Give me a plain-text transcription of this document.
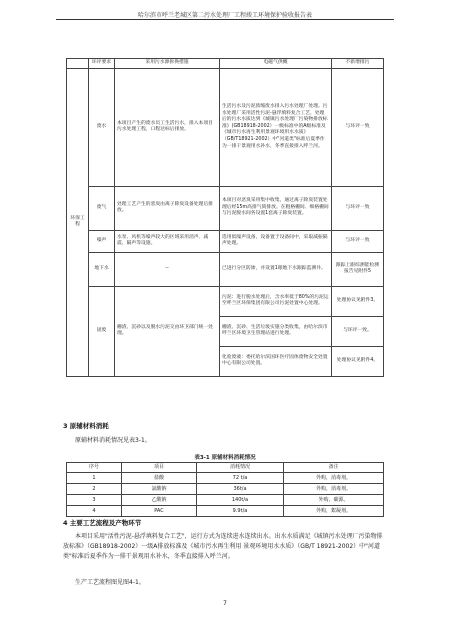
哈尔滨市呼兰老城区第二污水处理厂工程竣工环境保护验收报告表
	环评要求	采用污水源拆换措施	电磁气供概	不新增排污
环保工程	废水	本项目产生的废水员工生活污水，排入本项目污水处理工程，口程达标后排放。	生活污水及污泥浓缩废水排入污水处理厂处理。污水处理厂采用活性污泥-悬浮填料复合工艺，处理后的污水水质达到《城镇污水处理厂污染物排放标准》(GB18918-2002）一级标准中的A级标准及《城市污水再生利用景观环境用水水质》（GB/T18921-2002）中"河道类"标准后夏季作为一排干景观用水补水，冬季直接排入呼兰河。	与环评一致
	废气	处理工艺产生的恶臭由离子除臭设备处理后排放。	本项目对恶臭采用集中收集，通过离子除臭装置处理后经15m高排气筒排放。在粗格栅间、细格栅间与污泥脱水间各设置1套离子除臭装置。	与环评一致
	噪声	水泵、风机等噪声较大的区域采用消声、减震、隔声等设施。	选用低噪声设备，设备置于设备间中，采取减振隔声处理。	与环评一致
	地下水	--	已进行分区防渗，并设置1眼地下水跟踪监测井。	跟踪上跟综测能检测报告见附件5
	固废	栅渣、沉砂以及脱水污泥交由环卫部门统一处理。	污泥：进行脱水处理后，含水率低于80%的污泥运至呼兰区环保集团有限公司污泥处置中心处理。	处理协议见附件3。
			栅渣、沉砂、生活垃圾实施分类收集，由哈尔滨市呼兰区环境卫生管理站进行处理。	与环评一致。
			化验废液：委托哈尔滨国环医疗固体废物安全处置中心有限公司处置。	处理协议见附件4。
3 原辅材料消耗
原辅材料消耗情况见表3-1。
表3-1 原辅材料消耗情况
序号	项目	消耗情况	备注
1	盐酸	72 t/a	外购，消毒剂。
2	氯酸钠	36t/a	外购，消毒剂。
3	乙酸钠	140t/a	外购，碳源。
4	PAC	9.9t/a	外购，絮凝剂。
4 主要工艺流程及产物环节
本项目采用"活性污泥-悬浮填料复合工艺"，运行方式为连续进水连续出水。出水水质满足《城镇污水处理厂污染物排放标准》（GB18918-2002）一级A排放标准及《城市污水再生利用 景观环境用水水质》（GB/T 18921-2002）中"河道类"标准后夏季作为一排干景观用水补水，冬季直接排入呼兰河。
生产工艺流程图见图4-1。
7
